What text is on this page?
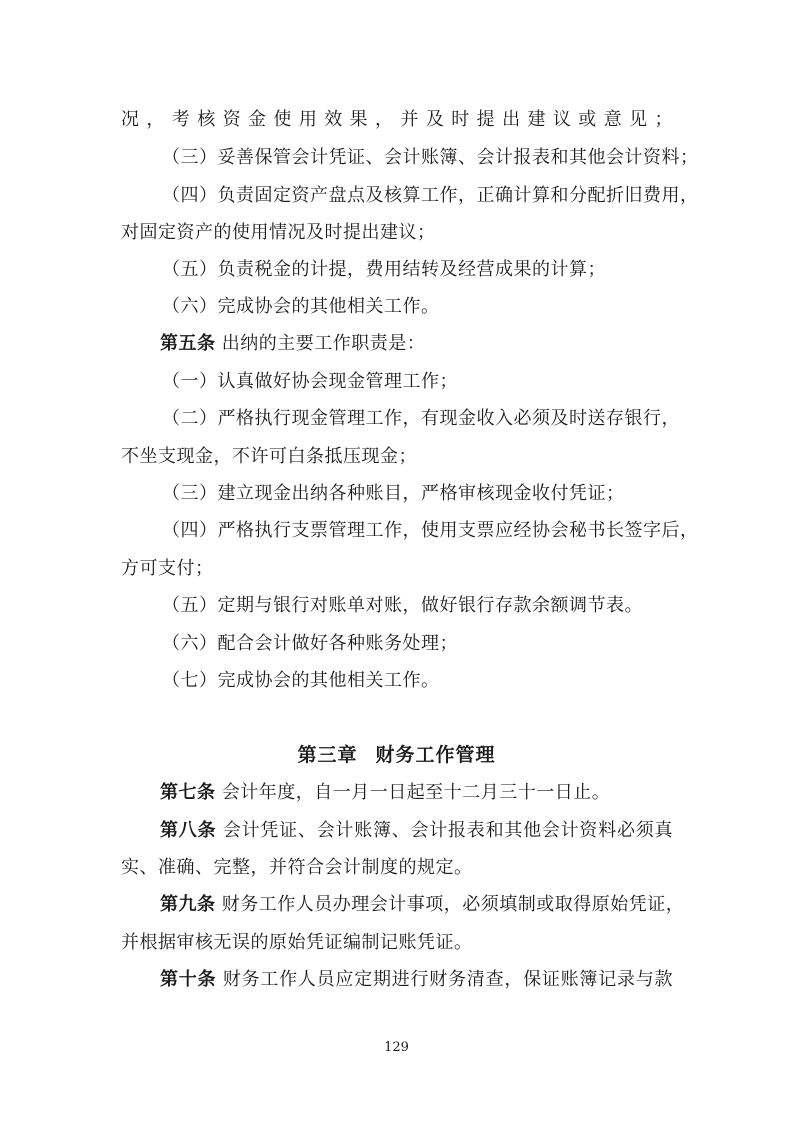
况，考核资金使用效果，并及时提出建议或意见；
（三）妥善保管会计凭证、会计账簿、会计报表和其他会计资料；
（四）负责固定资产盘点及核算工作，正确计算和分配折旧费用，
对固定资产的使用情况及时提出建议；
（五）负责税金的计提，费用结转及经营成果的计算；
（六）完成协会的其他相关工作。
第五条 出纳的主要工作职责是：
（一）认真做好协会现金管理工作；
（二）严格执行现金管理工作，有现金收入必须及时送存银行，
不坐支现金，不许可白条抵压现金；
（三）建立现金出纳各种账目，严格审核现金收付凭证；
（四）严格执行支票管理工作，使用支票应经协会秘书长签字后，
方可支付；
（五）定期与银行对账单对账，做好银行存款余额调节表。
（六）配合会计做好各种账务处理；
（七）完成协会的其他相关工作。
第三章 财务工作管理
第七条 会计年度，自一月一日起至十二月三十一日止。
第八条 会计凭证、会计账簿、会计报表和其他会计资料必须真
实、准确、完整，并符合会计制度的规定。
第九条 财务工作人员办理会计事项，必须填制或取得原始凭证，
并根据审核无误的原始凭证编制记账凭证。
第十条 财务工作人员应定期进行财务清查，保证账簿记录与款
129
